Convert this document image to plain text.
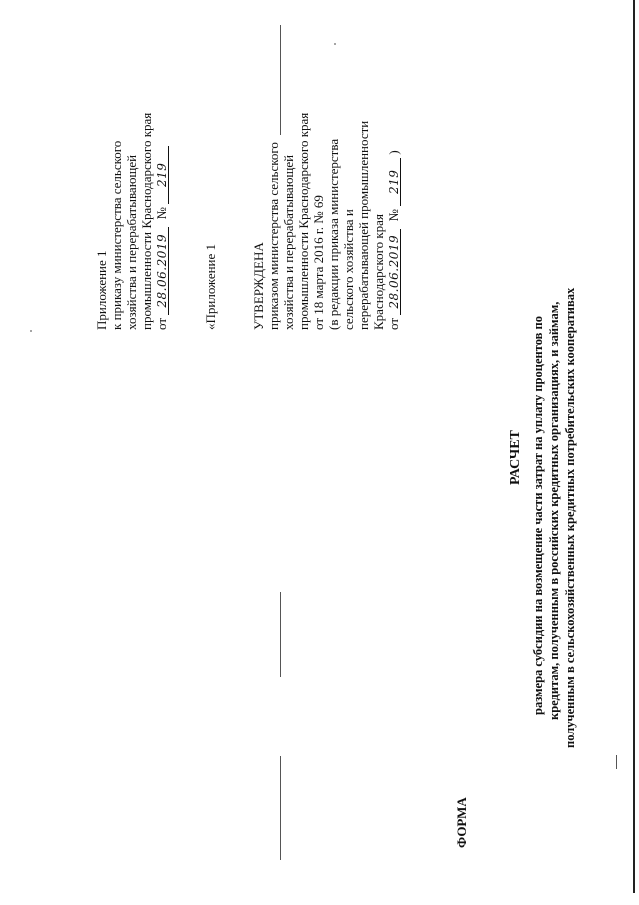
Приложение 1 к приказу министерства сельского хозяйства и перерабатывающей промышленности Краснодарского края от 28.06.2019 № 219
«Приложение 1	УТВЕРЖДЕНА приказом министерства сельского хозяйства и перерабатывающей промышленности Краснодарского края от 18 марта 2016 г. № 69 (в редакции приказа министерства сельского хозяйства и перерабатывающей промышленности Краснодарского края от 28.06.2019 № 219 )
РАСЧЕТ размера субсидии на возмещение части затрат на уплату процентов по кредитам, полученным в российских кредитных организациях, и займам, полученным в сельскохозяйственных кредитных потребительских кооперативах
ФОРМА
